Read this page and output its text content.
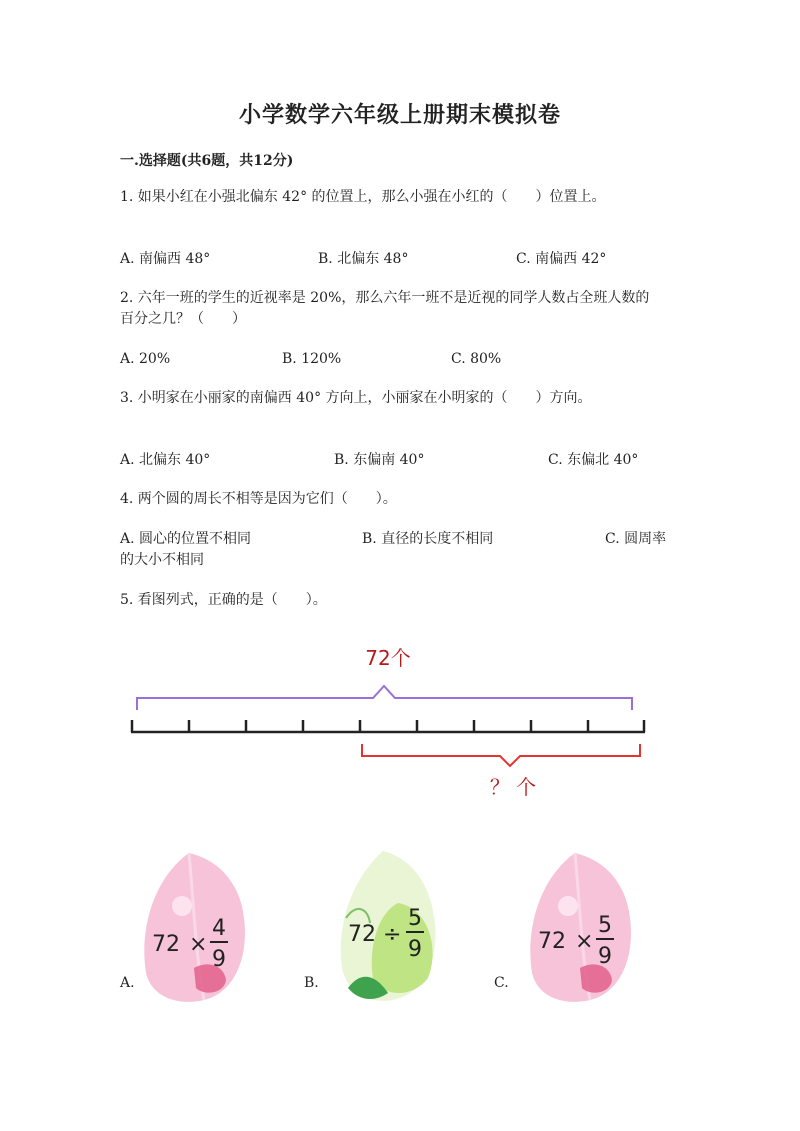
小学数学六年级上册期末模拟卷
一.选择题(共6题，共12分)
1. 如果小红在小强北偏东 42° 的位置上，那么小强在小红的（　　）位置上。
A. 南偏西 48°	B. 北偏东 48°	C. 南偏西 42°
2. 六年一班的学生的近视率是 20%，那么六年一班不是近视的同学人数占全班人数的百分之几？（　　）
A. 20%	B. 120%	C. 80%
3. 小明家在小丽家的南偏西 40° 方向上，小丽家在小明家的（　　）方向。
A. 北偏东 40°	B. 东偏南 40°	C. 东偏北 40°
4. 两个圆的周长不相等是因为它们（　　）。
A. 圆心的位置不相同	B. 直径的长度不相同	C. 圆周率的大小不相同
5. 看图列式，正确的是（　　）。
72个
？ 个
A.
72 ×
4
9
B.
72 ÷
5
9
C.
72 ×
5
9
